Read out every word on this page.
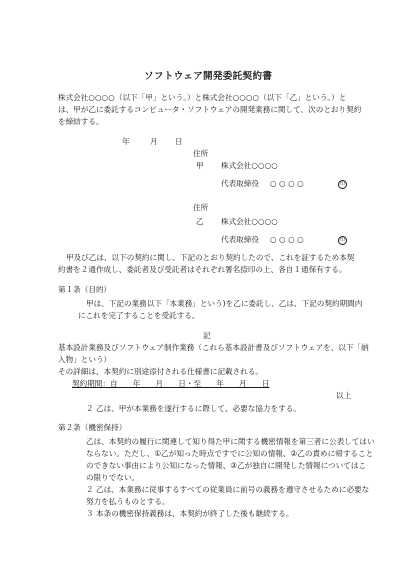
ソフトウェア開発委託契約書
株式会社○○○○（以下「甲」という。）と株式会社○○○○（以下「乙」という。）と
は、甲が乙に委託するコンピュータ・ソフトウェアの開発業務に関して、次のとおり契約
を締結する。
年	月 日
住所
甲 株式会社○○○○
代表取締役 ○ ○ ○ ○	印
住所
乙 株式会社○○○○
代表取締役 ○ ○ ○ ○	印
甲及び乙は、以下の契約に関し、下記のとおり契約したので、これを証するため本契
約書を２通作成し、委託者及び受託者はそれぞれ署名捺印の上、各自１通保有する。
第１条（目的）
甲は、下記の業務以下「本業務」という)を乙に委託し、乙は、下記の契約期間内
にこれを完了することを受託する。
記
基本設計業務及びソフトウェア制作業務（これら基本設計書及びソフトウェアを、以下「納
入物」という）
その詳細は、本契約に別途添付される仕様書に記載される。
契約期間：自　　年　　月　　日・至　　年　　月　　日
以上
２ 乙は、甲が本業務を遂行するに際して、必要な協力をする。
第２条（機密保持）
乙は、本契約の履行に関連して知り得た甲に関する機密情報を第三者に公表してはい
ならない。ただし、①乙が知った時点ですでに公知の情報、②乙の責めに帰すること
のできない事由により公知になった情報、③乙が独自に開発した情報についてはこ
の限りでない。
２ 乙は、本業務に従事するすべての従業員に前号の義務を遵守させるために必要な
努力を払うものとする。
３ 本条の機密保持義務は、本契約が終了した後も継続する。
